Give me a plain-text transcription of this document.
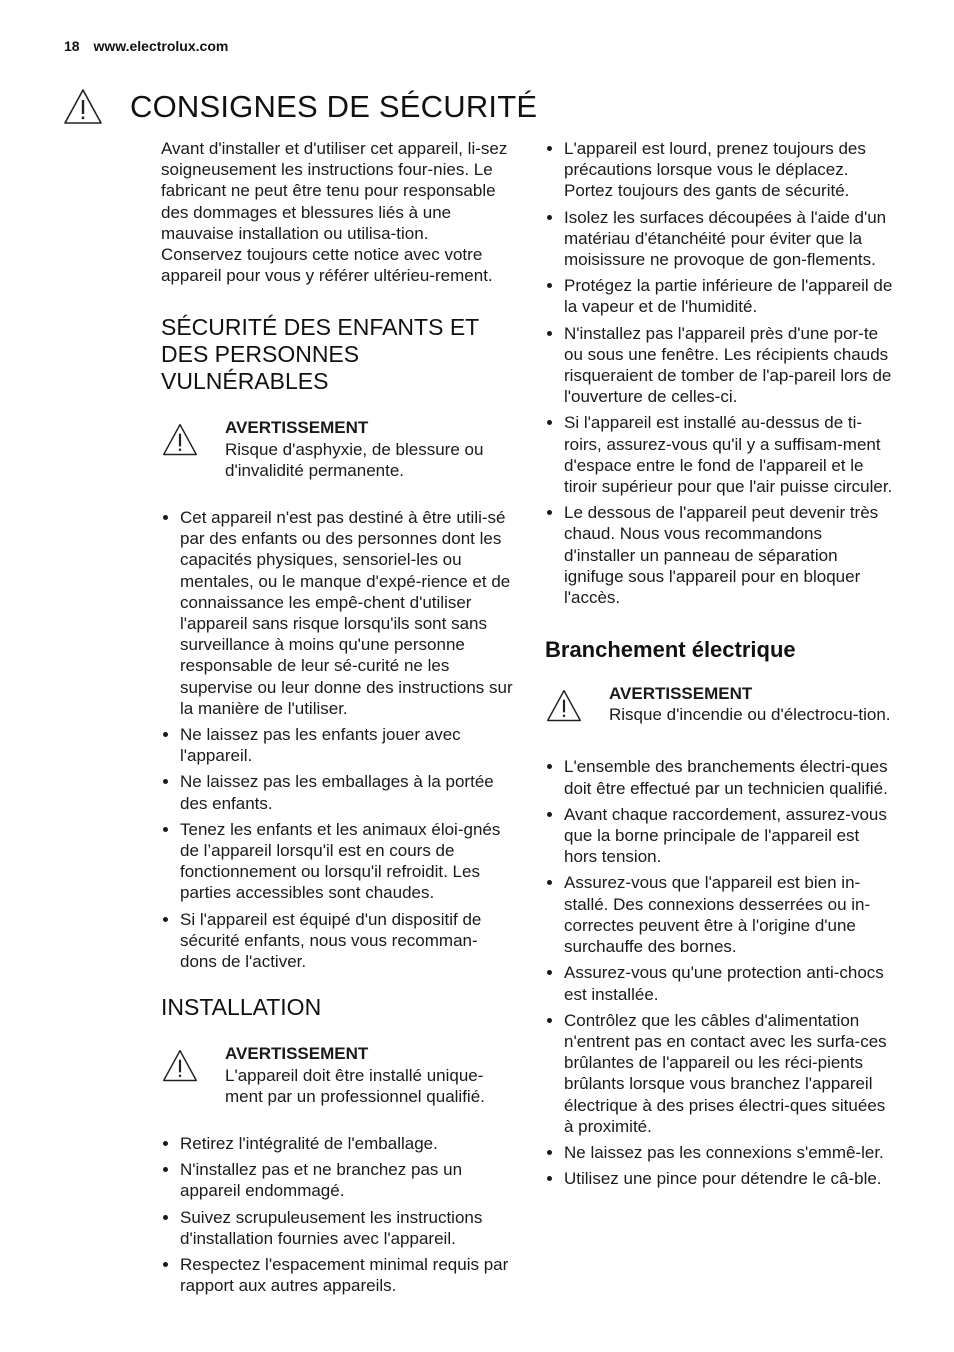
18 www.electrolux.com
CONSIGNES DE SÉCURITÉ

Avant d'installer et d'utiliser cet appareil, li-sez soigneusement les instructions four-nies. Le fabricant ne peut être tenu pour responsable des dommages et blessures liés à une mauvaise installation ou utilisa-tion. Conservez toujours cette notice avec votre appareil pour vous y référer ultérieu-rement.

SÉCURITÉ DES ENFANTS ET
DES PERSONNES
VULNÉRABLES
AVERTISSEMENT
Risque d'asphyxie, de blessure ou d'invalidité permanente.
Cet appareil n'est pas destiné à être utili-sé par des enfants ou des personnes dont les capacités physiques, sensoriel-les ou mentales, ou le manque d'expé-rience et de connaissance les empê-chent d'utiliser l'appareil sans risque lorsqu'ils sont sans surveillance à moins qu'une personne responsable de leur sé-curité ne les supervise ou leur donne des instructions sur la manière de l'utiliser.
Ne laissez pas les enfants jouer avec l'appareil.
Ne laissez pas les emballages à la portée des enfants.
Tenez les enfants et les animaux éloi-gnés de l’appareil lorsqu'il est en cours de fonctionnement ou lorsqu'il refroidit. Les parties accessibles sont chaudes.
Si l'appareil est équipé d'un dispositif de sécurité enfants, nous vous recomman-dons de l'activer.
INSTALLATION
AVERTISSEMENT
L'appareil doit être installé unique-ment par un professionnel qualifié.
Retirez l'intégralité de l'emballage.
N'installez pas et ne branchez pas un appareil endommagé.
Suivez scrupuleusement les instructions d'installation fournies avec l'appareil.
Respectez l'espacement minimal requis par rapport aux autres appareils.
L'appareil est lourd, prenez toujours des précautions lorsque vous le déplacez. Portez toujours des gants de sécurité.
Isolez les surfaces découpées à l'aide d'un matériau d'étanchéité pour éviter que la moisissure ne provoque de gon-flements.
Protégez la partie inférieure de l'appareil de la vapeur et de l'humidité.
N'installez pas l'appareil près d'une por-te ou sous une fenêtre. Les récipients chauds risqueraient de tomber de l'ap-pareil lors de l'ouverture de celles-ci.
Si l'appareil est installé au-dessus de ti-roirs, assurez-vous qu'il y a suffisam-ment d'espace entre le fond de l'appareil et le tiroir supérieur pour que l'air puisse circuler.
Le dessous de l'appareil peut devenir très chaud. Nous vous recommandons d'installer un panneau de séparation ignifuge sous l'appareil pour en bloquer l'accès.
Branchement électrique
AVERTISSEMENT
Risque d'incendie ou d'électrocu-tion.
L'ensemble des branchements électri-ques doit être effectué par un technicien qualifié.
Avant chaque raccordement, assurez-vous que la borne principale de l'appareil est hors tension.
Assurez-vous que l'appareil est bien in-stallé. Des connexions desserrées ou in-correctes peuvent être à l'origine d'une surchauffe des bornes.
Assurez-vous qu'une protection anti-chocs est installée.
Contrôlez que les câbles d'alimentation n'entrent pas en contact avec les surfa-ces brûlantes de l'appareil ou les réci-pients brûlants lorsque vous branchez l'appareil électrique à des prises électri-ques situées à proximité.
Ne laissez pas les connexions s'emmê-ler.
Utilisez une pince pour détendre le câ-ble.
